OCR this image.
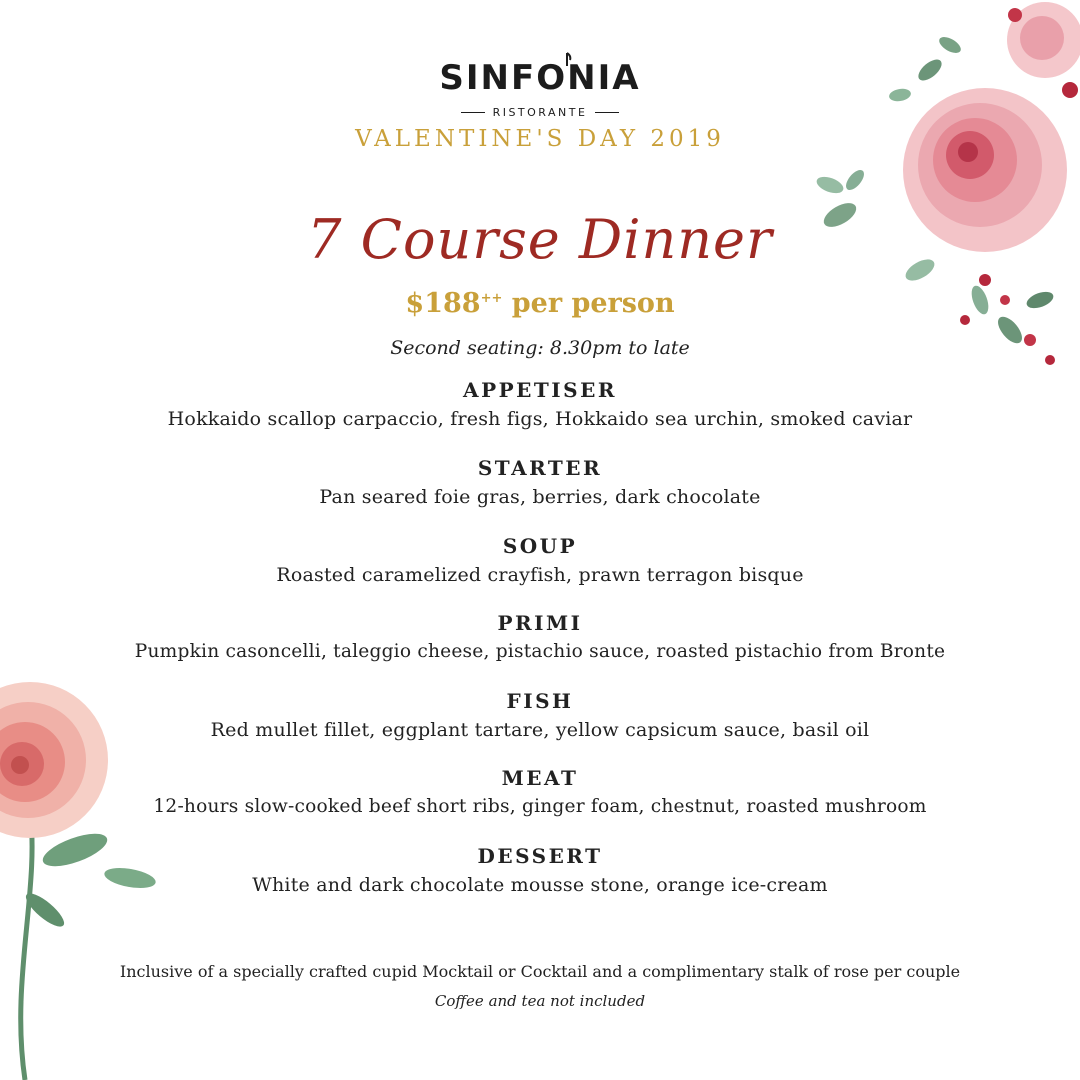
SINFONIA
RISTORANTE
VALENTINE'S DAY 2019
7 Course Dinner
$188++ per person
Second seating: 8.30pm to late
APPETISER
Hokkaido scallop carpaccio, fresh figs, Hokkaido sea urchin, smoked caviar
STARTER
Pan seared foie gras, berries, dark chocolate
SOUP
Roasted caramelized crayfish, prawn terragon bisque
PRIMI
Pumpkin casoncelli, taleggio cheese, pistachio sauce, roasted pistachio from Bronte
FISH
Red mullet fillet, eggplant tartare, yellow capsicum sauce, basil oil
MEAT
12-hours slow-cooked beef short ribs, ginger foam, chestnut, roasted mushroom
DESSERT
White and dark chocolate mousse stone, orange ice-cream
Inclusive of a specially crafted cupid Mocktail or Cocktail and a complimentary stalk of rose per couple
Coffee and tea not included
